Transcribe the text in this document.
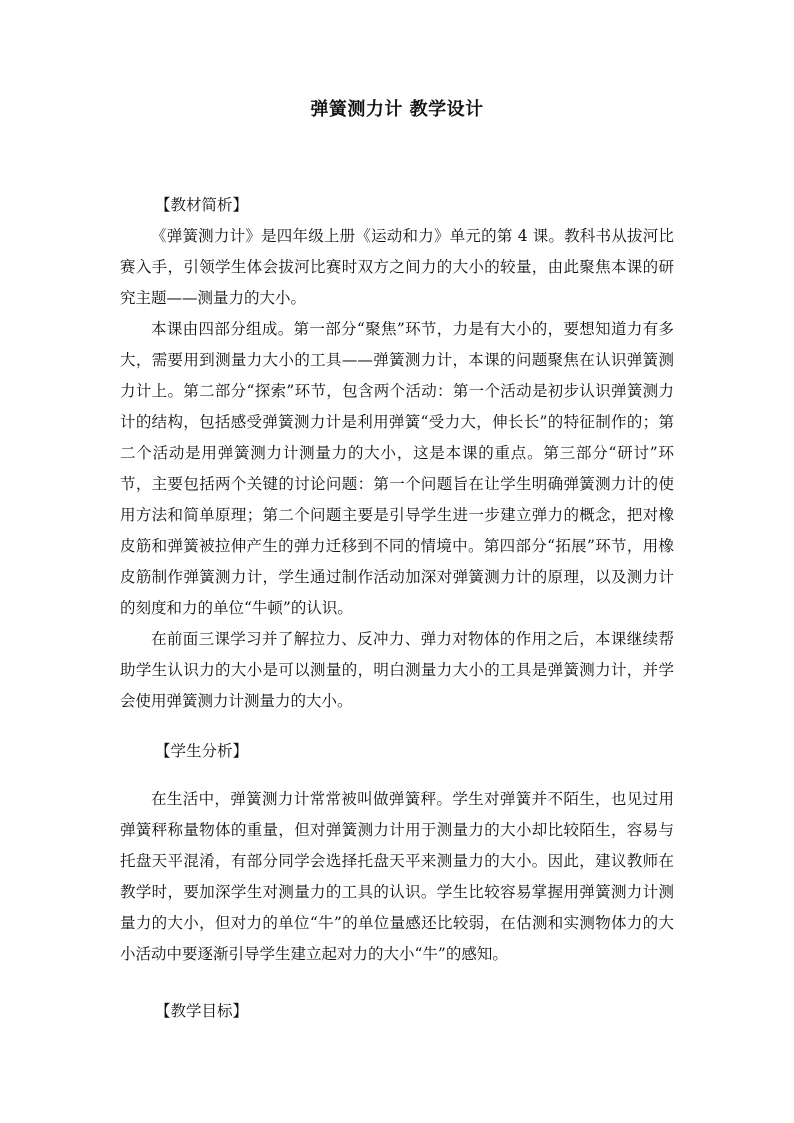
弹簧测力计 教学设计
【教材简析】

《弹簧测力计》是四年级上册《运动和力》单元的第 4 课。教科书从拔河比赛入手，引领学生体会拔河比赛时双方之间力的大小的较量，由此聚焦本课的研究主题——测量力的大小。

本课由四部分组成。第一部分“聚焦”环节，力是有大小的，要想知道力有多大，需要用到测量力大小的工具——弹簧测力计，本课的问题聚焦在认识弹簧测力计上。第二部分“探索”环节，包含两个活动：第一个活动是初步认识弹簧测力计的结构，包括感受弹簧测力计是利用弹簧“受力大，伸长长”的特征制作的；第二个活动是用弹簧测力计测量力的大小，这是本课的重点。第三部分“研讨”环节，主要包括两个关键的讨论问题：第一个问题旨在让学生明确弹簧测力计的使用方法和简单原理；第二个问题主要是引导学生进一步建立弹力的概念，把对橡皮筋和弹簧被拉伸产生的弹力迁移到不同的情境中。第四部分“拓展”环节，用橡皮筋制作弹簧测力计，学生通过制作活动加深对弹簧测力计的原理，以及测力计的刻度和力的单位“牛顿”的认识。

在前面三课学习并了解拉力、反冲力、弹力对物体的作用之后，本课继续帮助学生认识力的大小是可以测量的，明白测量力大小的工具是弹簧测力计，并学会使用弹簧测力计测量力的大小。

【学生分析】

在生活中，弹簧测力计常常被叫做弹簧秤。学生对弹簧并不陌生，也见过用弹簧秤称量物体的重量，但对弹簧测力计用于测量力的大小却比较陌生，容易与托盘天平混淆，有部分同学会选择托盘天平来测量力的大小。因此，建议教师在教学时，要加深学生对测量力的工具的认识。学生比较容易掌握用弹簧测力计测量力的大小，但对力的单位“牛”的单位量感还比较弱，在估测和实测物体力的大小活动中要逐渐引导学生建立起对力的大小“牛”的感知。

【教学目标】
